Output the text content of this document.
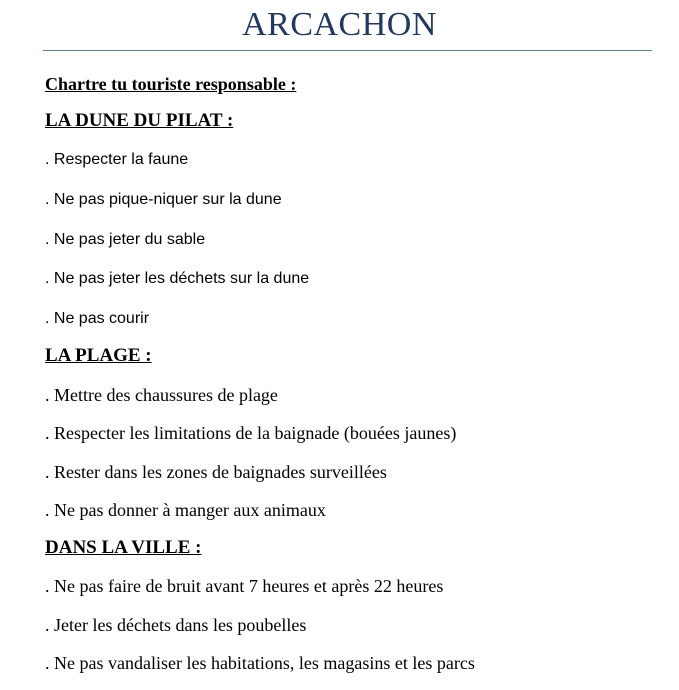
ARCACHON

Chartre tu touriste responsable :

LA DUNE DU PILAT :

. Respecter la faune

. Ne pas pique-niquer sur la dune

. Ne pas jeter du sable

. Ne pas jeter les déchets sur la dune

. Ne pas courir

LA PLAGE :

. Mettre des chaussures de plage

. Respecter les limitations de la baignade (bouées jaunes)

. Rester dans les zones de baignades surveillées

. Ne pas donner à manger aux animaux

DANS LA VILLE :

. Ne pas faire de bruit avant 7 heures et après 22 heures

. Jeter les déchets dans les poubelles

. Ne pas vandaliser les habitations, les magasins et les parcs
